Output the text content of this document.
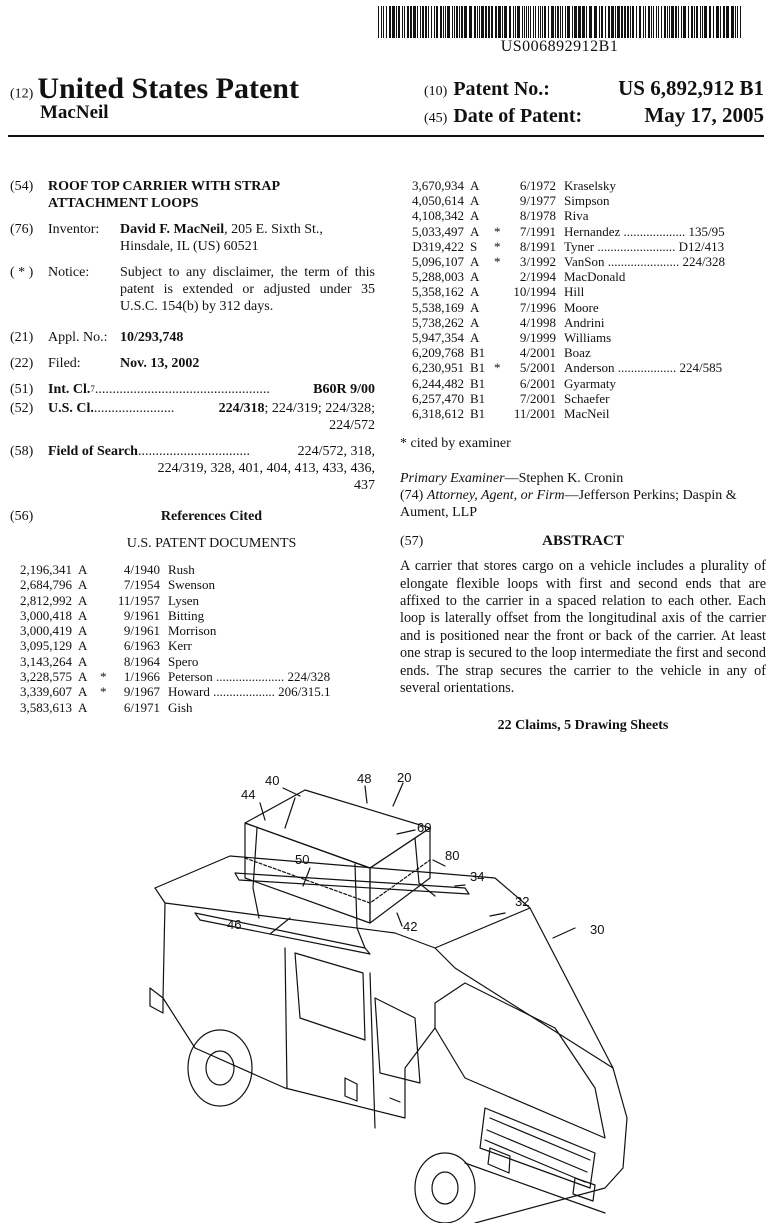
US006892912B1
(12) United States Patent
MacNeil
(10) Patent No.:	US 6,892,912 B1
(45) Date of Patent:	May 17, 2005
(54)	ROOF TOP CARRIER WITH STRAP ATTACHMENT LOOPS
(76)	Inventor:	David F. MacNeil, 205 E. Sixth St., Hinsdale, IL (US) 60521
( * )	Notice:	Subject to any disclaimer, the term of this patent is extended or adjusted under 35 U.S.C. 154(b) by 312 days.
(21)	Appl. No.: 10/293,748
(22)	Filed:	Nov. 13, 2002
(51)	Int. Cl. 7 ..................................................	B60R 9/00
(52)	U.S. Cl. .......................	224/318 ; 224/319; 224/328;
224/572
(58)	Field of Search ................................	224/572, 318,
224/319, 328, 401, 404, 413, 433, 436,
437
(56)	References Cited
U.S. PATENT DOCUMENTS
2,196,341 A	4/1940 Rush
2,684,796 A	7/1954 Swenson
2,812,992 A	11/1957 Lysen
3,000,418 A	9/1961 Bitting
3,000,419 A	9/1961 Morrison
3,095,129 A	6/1963 Kerr
3,143,264 A	8/1964 Spero
3,228,575 A *	1/1966 Peterson ..................... 224/328
3,339,607 A *	9/1967 Howard ................... 206/315.1
3,583,613 A	6/1971 Gish
3,670,934 A	6/1972 Kraselsky
4,050,614 A	9/1977 Simpson
4,108,342 A	8/1978 Riva
5,033,497 A	*	7/1991 Hernandez ................... 135/95
D319,422 S	*	8/1991 Tyner ........................ D12/413
5,096,107 A	*	3/1992 VanSon ...................... 224/328
5,288,003 A	2/1994 MacDonald
5,358,162 A	10/1994 Hill
5,538,169 A	7/1996 Moore
5,738,262 A	4/1998 Andrini
5,947,354 A	9/1999 Williams
6,209,768 B1	4/2001 Boaz
6,230,951 B1 *	5/2001 Anderson .................. 224/585
6,244,482 B1	6/2001 Gyarmaty
6,257,470 B1	7/2001 Schaefer
6,318,612 B1	11/2001 MacNeil
* cited by examiner
Primary Examiner—Stephen K. Cronin
(74) Attorney, Agent, or Firm—Jefferson Perkins; Daspin & Aument, LLP
(57)	ABSTRACT
A carrier that stores cargo on a vehicle includes a plurality of elongate flexible loops with first and second ends that are affixed to the carrier in a spaced relation to each other. Each loop is laterally offset from the longitudinal axis of the carrier and is positioned near the front or back of the carrier. At least one strap is secured to the loop intermediate the first and second ends. The strap secures the carrier to the vehicle in any of several orientations.
22 Claims, 5 Drawing Sheets
40	48 20
44
60
50	80
34
32
46	42	30
